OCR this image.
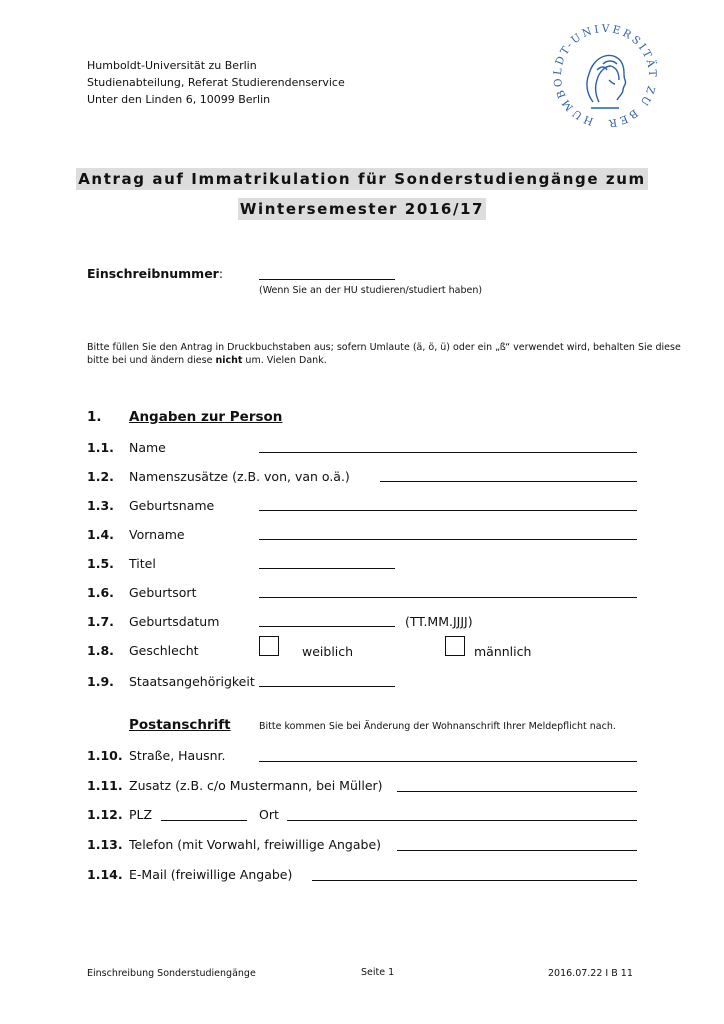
Humboldt-Universität zu Berlin
Studienabteilung, Referat Studierendenservice
Unter den Linden 6, 10099 Berlin
HUMBOLDT-UNIVERSITÄT ZU BER
Antrag auf Immatrikulation für Sonderstudiengänge zum
Wintersemester 2016/17
Einschreibnummer:
(Wenn Sie an der HU studieren/studiert haben)
Bitte füllen Sie den Antrag in Druckbuchstaben aus; sofern Umlaute (ä, ö, ü) oder ein „ß“ verwendet wird, behalten Sie diese bitte bei und ändern diese nicht um. Vielen Dank.
1. Angaben zur Person
1.1. Name
1.2. Namenszusätze (z.B. von, van o.ä.)
1.3. Geburtsname
1.4. Vorname
1.5. Titel
1.6. Geburtsort
1.7. Geburtsdatum	(TT.MM.JJJJ)
1.8. Geschlecht	weiblich	männlich
1.9. Staatsangehörigkeit
Postanschrift	Bitte kommen Sie bei Änderung der Wohnanschrift Ihrer Meldepflicht nach.
1.10. Straße, Hausnr.
1.11. Zusatz (z.B. c/o Mustermann, bei Müller)
1.12. PLZ	Ort
1.13. Telefon (mit Vorwahl, freiwillige Angabe)
1.14. E-Mail (freiwillige Angabe)
Einschreibung Sonderstudiengänge	Seite 1	2016.07.22 I B 11
